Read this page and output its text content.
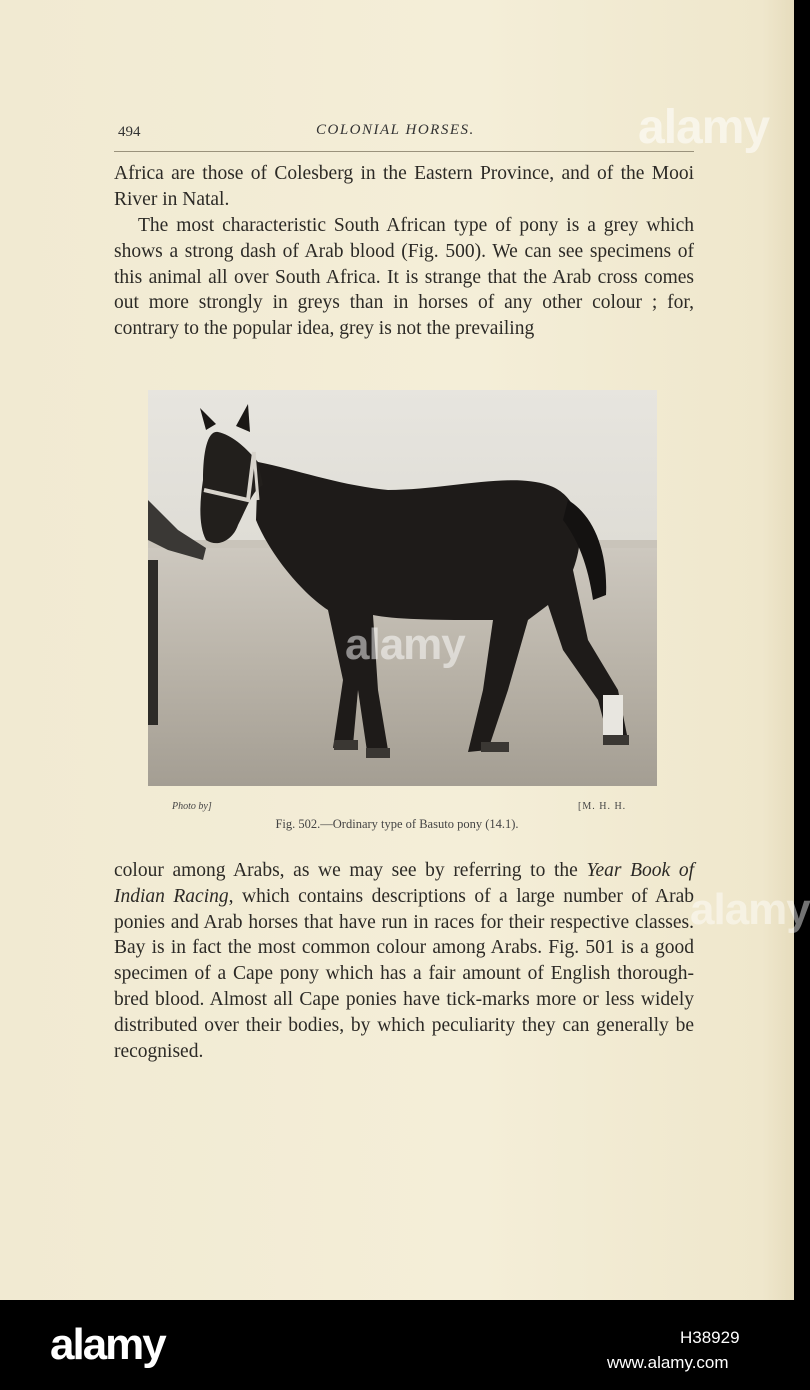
494	COLONIAL HORSES.

Africa are those of Colesberg in the Eastern Province, and of the Mooi River in Natal.

The most characteristic South African type of pony is a grey which shows a strong dash of Arab blood (Fig. 500). We can see specimens of this animal all over South Africa. It is strange that the Arab cross comes out more strongly in greys than in horses of any other colour ; for, contrary to the popular idea, grey is not the prevailing

Photo by]	[M. H. H.
Fig. 502.—Ordinary type of Basuto pony (14.1).

colour among Arabs, as we may see by referring to the Year Book of Indian Racing, which contains descriptions of a large number of Arab ponies and Arab horses that have run in races for their respective classes. Bay is in fact the most common colour among Arabs. Fig. 501 is a good specimen of a Cape pony which has a fair amount of English thorough-bred blood. Almost all Cape ponies have tick-marks more or less widely distributed over their bodies, by which peculiarity they can generally be recognised.

alamy
alamy
alamy
alamy	H38929
www.alamy.com
